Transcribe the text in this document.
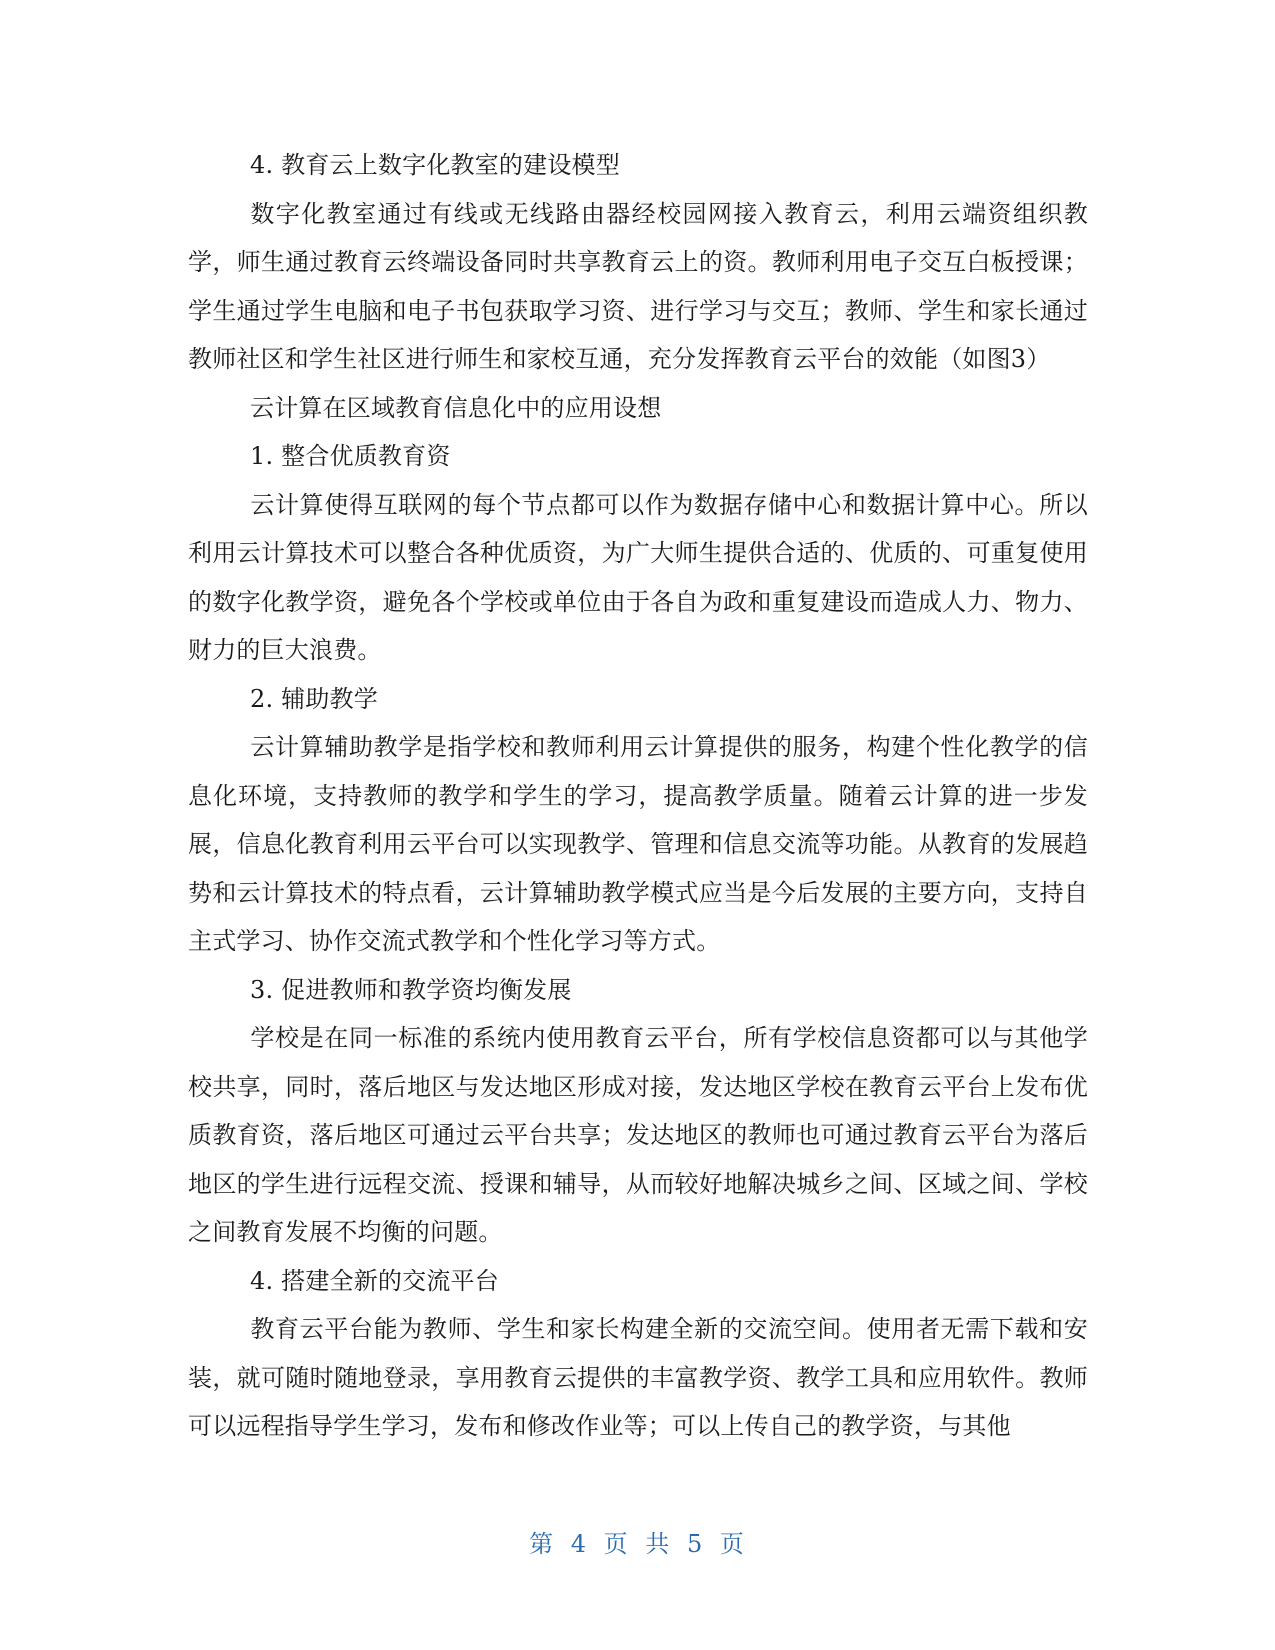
4. 教育云上数字化教室的建设模型

数字化教室通过有线或无线路由器经校园网接入教育云，利用云端资组织教学，师生通过教育云终端设备同时共享教育云上的资。教师利用电子交互白板授课；学生通过学生电脑和电子书包获取学习资、进行学习与交互；教师、学生和家长通过教师社区和学生社区进行师生和家校互通，充分发挥教育云平台的效能（如图3）

云计算在区域教育信息化中的应用设想

1. 整合优质教育资

云计算使得互联网的每个节点都可以作为数据存储中心和数据计算中心。所以利用云计算技术可以整合各种优质资，为广大师生提供合适的、优质的、可重复使用的数字化教学资，避免各个学校或单位由于各自为政和重复建设而造成人力、物力、财力的巨大浪费。

2. 辅助教学

云计算辅助教学是指学校和教师利用云计算提供的服务，构建个性化教学的信息化环境，支持教师的教学和学生的学习，提高教学质量。随着云计算的进一步发展，信息化教育利用云平台可以实现教学、管理和信息交流等功能。从教育的发展趋势和云计算技术的特点看，云计算辅助教学模式应当是今后发展的主要方向，支持自主式学习、协作交流式教学和个性化学习等方式。

3. 促进教师和教学资均衡发展

学校是在同一标准的系统内使用教育云平台，所有学校信息资都可以与其他学校共享，同时，落后地区与发达地区形成对接，发达地区学校在教育云平台上发布优质教育资，落后地区可通过云平台共享；发达地区的教师也可通过教育云平台为落后地区的学生进行远程交流、授课和辅导，从而较好地解决城乡之间、区域之间、学校之间教育发展不均衡的问题。

4. 搭建全新的交流平台

教育云平台能为教师、学生和家长构建全新的交流空间。使用者无需下载和安装，就可随时随地登录，享用教育云提供的丰富教学资、教学工具和应用软件。教师可以远程指导学生学习，发布和修改作业等；可以上传自己的教学资，与其他

第 4 页 共 5 页
